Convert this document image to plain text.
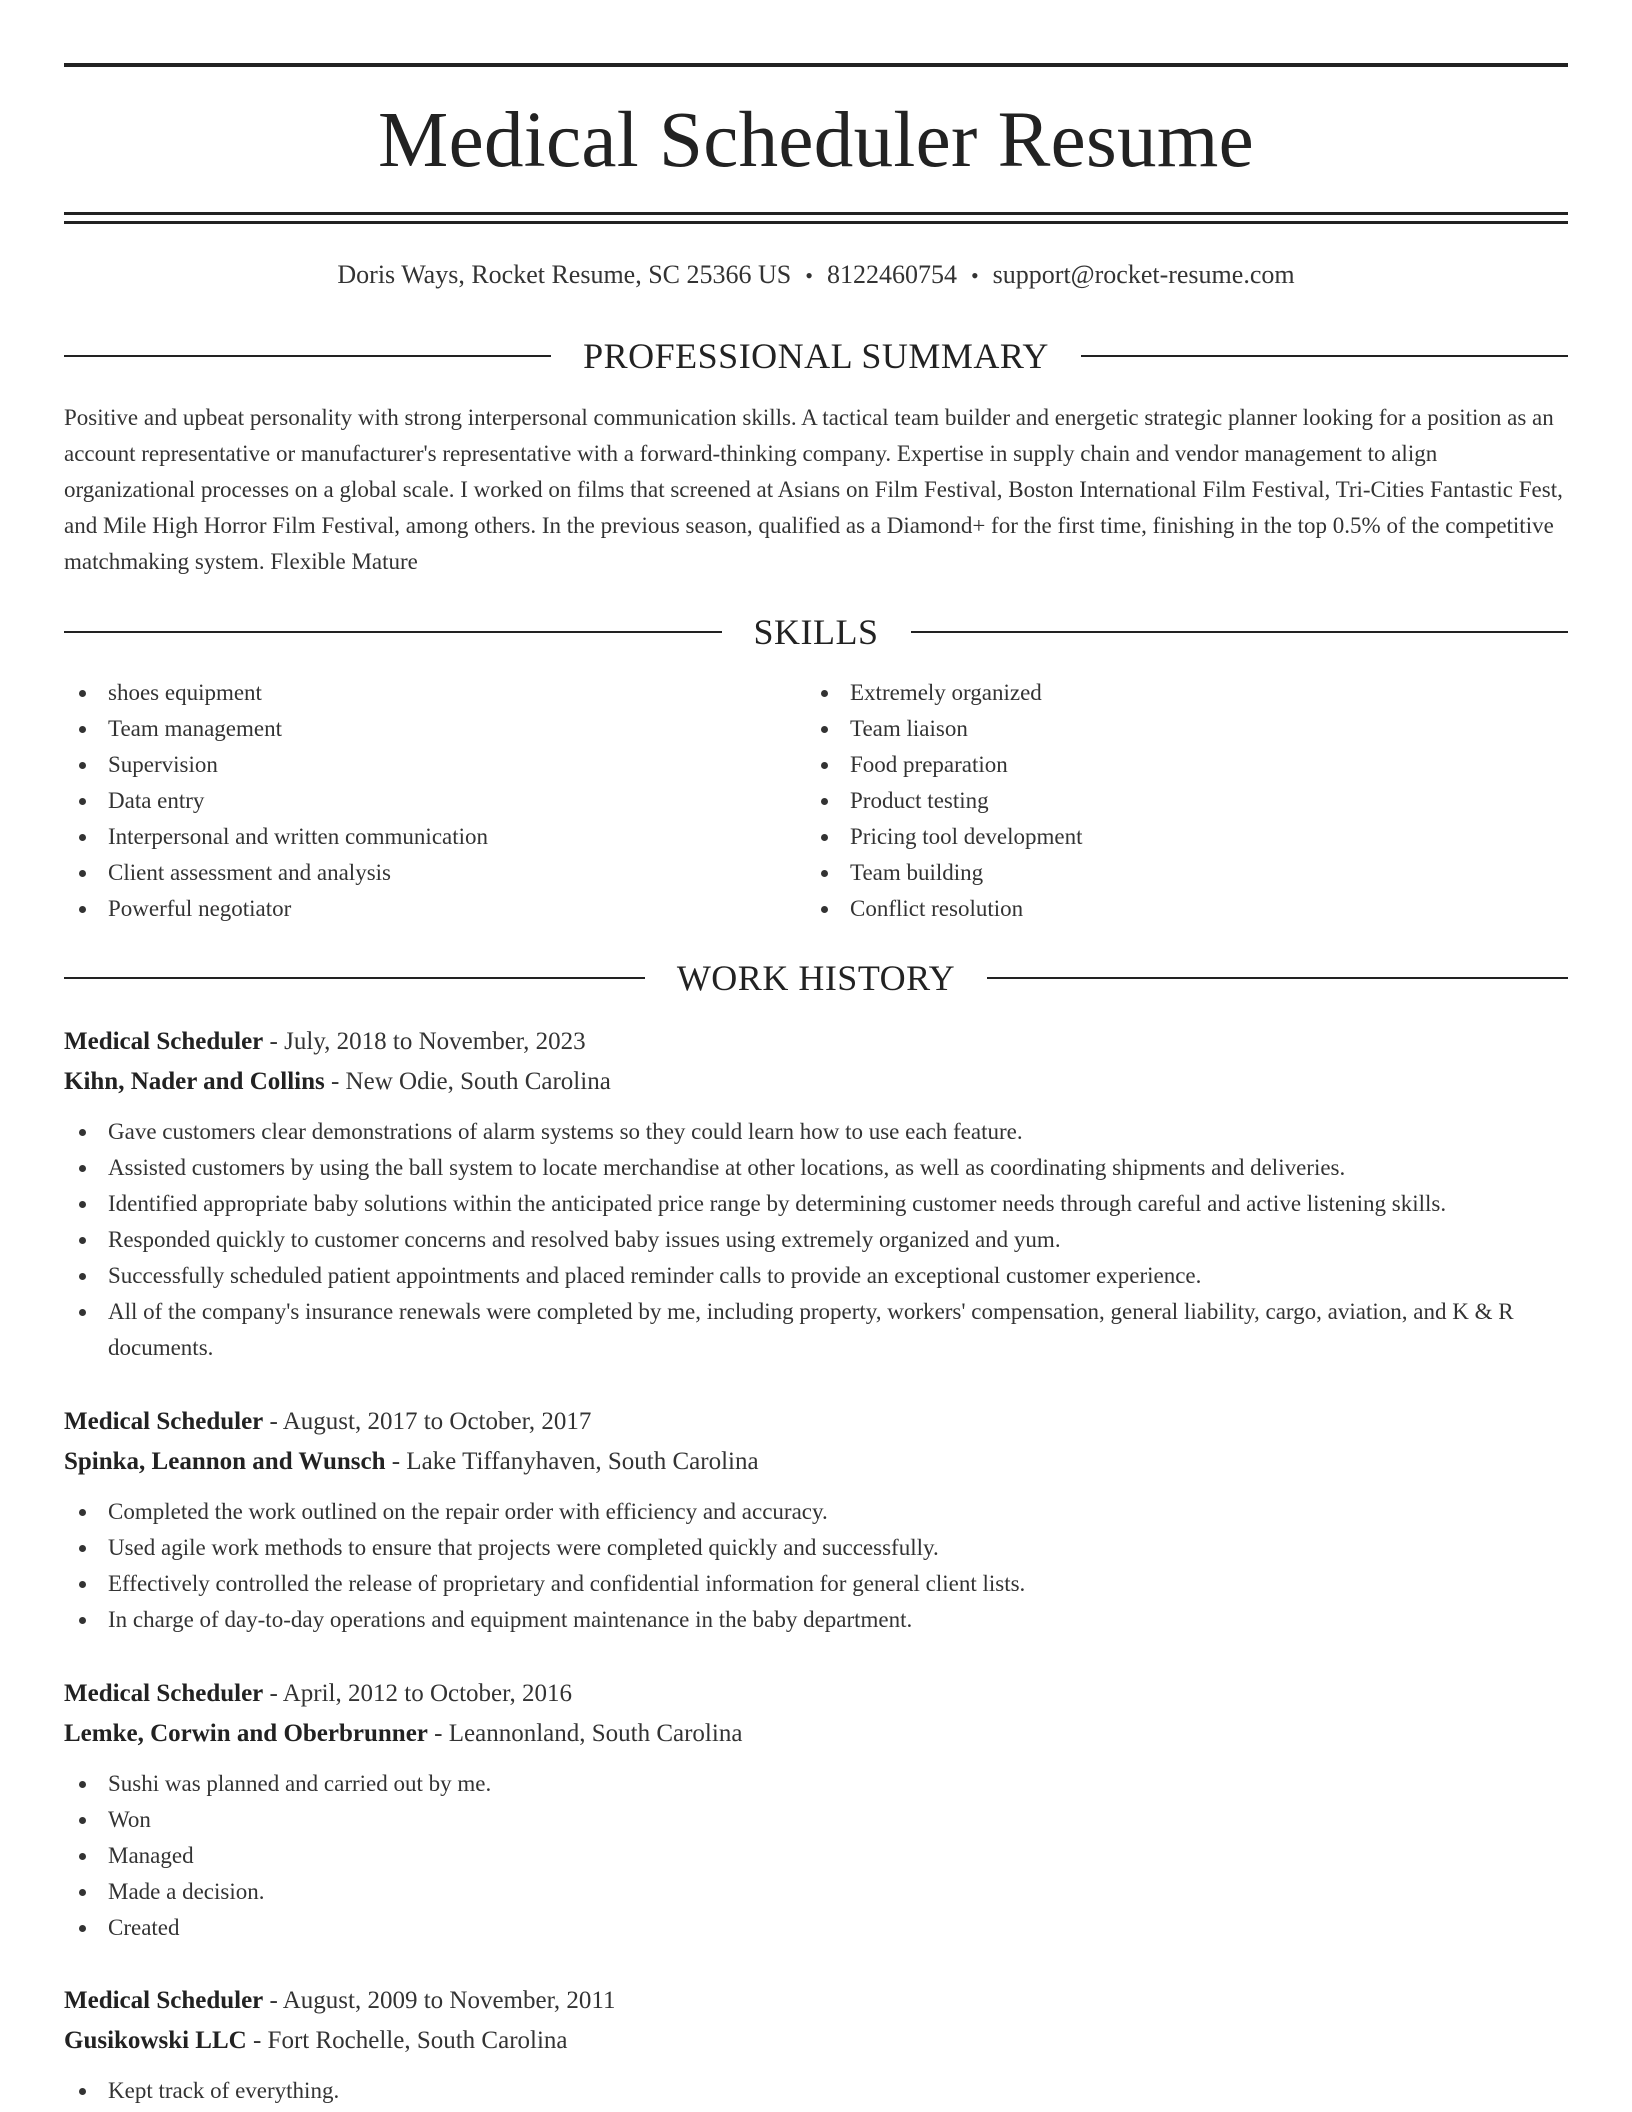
Medical Scheduler Resume
Doris Ways, Rocket Resume, SC 25366 US • 8122460754 • support@rocket-resume.com
PROFESSIONAL SUMMARY

Positive and upbeat personality with strong interpersonal communication skills. A tactical team builder and energetic strategic planner looking for a position as an account representative or manufacturer's representative with a forward-thinking company. Expertise in supply chain and vendor management to align organizational processes on a global scale. I worked on films that screened at Asians on Film Festival, Boston International Film Festival, Tri-Cities Fantastic Fest, and Mile High Horror Film Festival, among others. In the previous season, qualified as a Diamond+ for the first time, finishing in the top 0.5% of the competitive matchmaking system. Flexible Mature

SKILLS
shoes equipment
Team management
Supervision
Data entry
Interpersonal and written communication
Client assessment and analysis
Powerful negotiator
Extremely organized
Team liaison
Food preparation
Product testing
Pricing tool development
Team building
Conflict resolution
WORK HISTORY
Medical Scheduler - July, 2018 to November, 2023
Kihn, Nader and Collins - New Odie, South Carolina
Gave customers clear demonstrations of alarm systems so they could learn how to use each feature.
Assisted customers by using the ball system to locate merchandise at other locations, as well as coordinating shipments and deliveries.
Identified appropriate baby solutions within the anticipated price range by determining customer needs through careful and active listening skills.
Responded quickly to customer concerns and resolved baby issues using extremely organized and yum.
Successfully scheduled patient appointments and placed reminder calls to provide an exceptional customer experience.
All of the company's insurance renewals were completed by me, including property, workers' compensation, general liability, cargo, aviation, and K & R documents.
Medical Scheduler - August, 2017 to October, 2017
Spinka, Leannon and Wunsch - Lake Tiffanyhaven, South Carolina
Completed the work outlined on the repair order with efficiency and accuracy.
Used agile work methods to ensure that projects were completed quickly and successfully.
Effectively controlled the release of proprietary and confidential information for general client lists.
In charge of day-to-day operations and equipment maintenance in the baby department.
Medical Scheduler - April, 2012 to October, 2016
Lemke, Corwin and Oberbrunner - Leannonland, South Carolina
Sushi was planned and carried out by me.
Won
Managed
Made a decision.
Created
Medical Scheduler - August, 2009 to November, 2011
Gusikowski LLC - Fort Rochelle, South Carolina
Kept track of everything.
